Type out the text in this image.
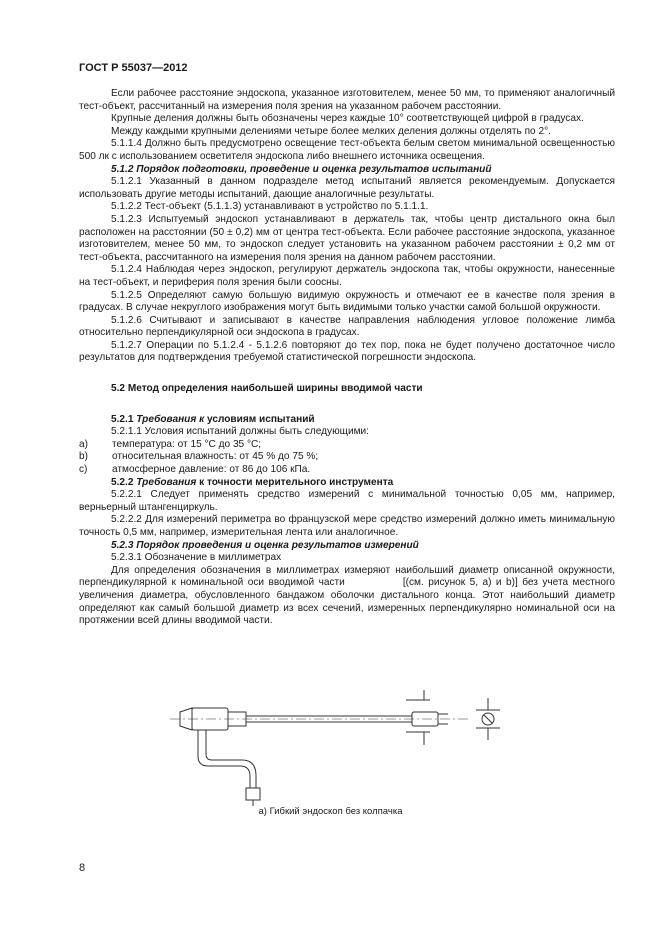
ГОСТ Р 55037—2012

Если рабочее расстояние эндоскопа, указанное изготовителем, менее 50 мм, то применяют аналогичный тест-объект, рассчитанный на измерения поля зрения на указанном рабочем расстоянии.

Крупные деления должны быть обозначены через каждые 10° соответствующей цифрой в градусах.

Между каждыми крупными делениями четыре более мелких деления должны отделять по 2°.

5.1.1.4 Должно быть предусмотрено освещение тест-объекта белым светом минимальной освещенностью 500 лк с использованием осветителя эндоскопа либо внешнего источника освещения.

5.1.2 Порядок подготовки, проведение и оценка результатов испытаний

5.1.2.1 Указанный в данном подразделе метод испытаний является рекомендуемым. Допускается использовать другие методы испытаний, дающие аналогичные результаты.

5.1.2.2 Тест-объект (5.1.1.3) устанавливают в устройство по 5.1.1.1.

5.1.2.3 Испытуемый эндоскоп устанавливают в держатель так, чтобы центр дистального окна был расположен на расстоянии (50 ± 0,2) мм от центра тест-объекта. Если рабочее расстояние эндоскопа, указанное изготовителем, менее 50 мм, то эндоскоп следует установить на указанном рабочем расстоянии ± 0,2 мм от тест-объекта, рассчитанного на измерения поля зрения на данном рабочем расстоянии.

5.1.2.4 Наблюдая через эндоскоп, регулируют держатель эндоскопа так, чтобы окружности, нанесенные на тест-объект, и периферия поля зрения были соосны.

5.1.2.5 Определяют самую большую видимую окружность и отмечают ее в качестве поля зрения в градусах. В случае некруглого изображения могут быть видимыми только участки самой большой окружности.

5.1.2.6 Считывают и записывают в качестве направления наблюдения угловое положение лимба относительно перпендикулярной оси эндоскопа в градусах.

5.1.2.7 Операции по 5.1.2.4 - 5.1.2.6 повторяют до тех пор, пока не будет получено достаточное число результатов для подтверждения требуемой статистической погрешности эндоскопа.

5.2 Метод определения наибольшей ширины вводимой части

5.2.1 Требования к условиям испытаний

5.2.1.1 Условия испытаний должны быть следующими:

a)	температура: от 15 °С до 35 °С;
b)	относительная влажность: от 45 % до 75 %;
c)	атмосферное давление: от 86 до 106 кПа.

5.2.2 Требования к точности мерительного инструмента

5.2.2.1 Следует применять средство измерений с минимальной точностью 0,05 мм, например, верньерный штангенциркуль.

5.2.2.2 Для измерений периметра во французской мере средство измерений должно иметь минимальную точность 0,5 мм, например, измерительная лента или аналогичное.

5.2.3 Порядок проведения и оценка результатов измерений

5.2.3.1 Обозначение в миллиметрах

Для определения обозначения в миллиметрах измеряют наибольший диаметр описанной окружности, перпендикулярной к номинальной оси вводимой части	[(см. рисунок 5, a) и b)] без учета местного увеличения диаметра, обусловленного бандажом оболочки дистального конца. Этот наибольший диаметр определяют как самый большой диаметр из всех сечений, измеренных перпендикулярно номинальной оси на протяжении всей длины вводимой части.

а) Гибкий эндоскоп без колпачка
8
